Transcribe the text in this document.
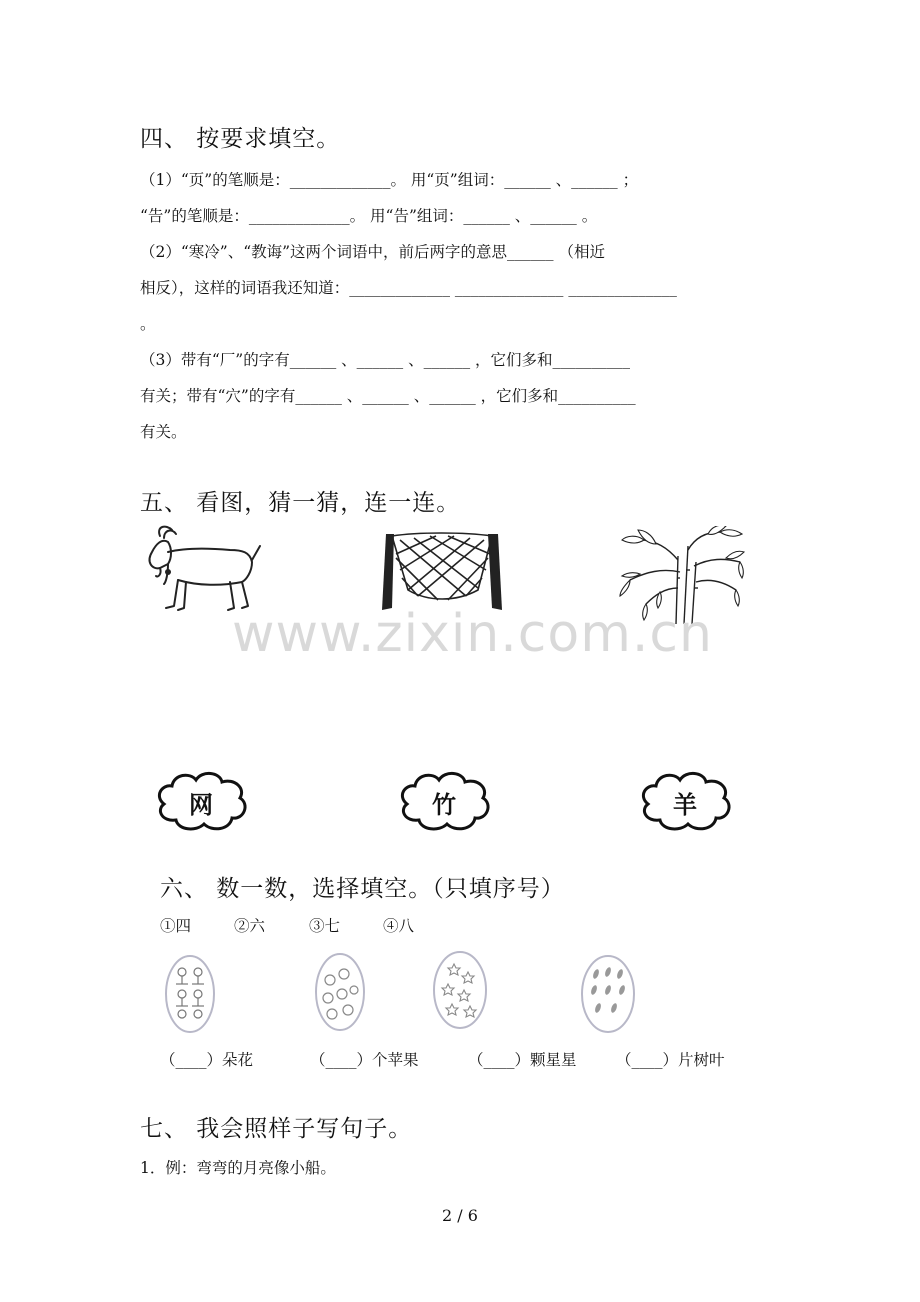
四、 按要求填空。
（1）“页”的笔顺是：_____________。 用“页”组词：______ 、______ ；
“告”的笔顺是：_____________。 用“告”组词：______ 、______ 。
（2）“寒冷”、“教诲”这两个词语中，前后两字的意思______ （相近
相反），这样的词语我还知道：_____________ ______________ ______________
。
（3）带有“厂”的字有______ 、______ 、______ ，它们多和__________
有关；带有“穴”的字有______ 、______ 、______ ，它们多和__________
有关。
五、 看图，猜一猜，连一连。
www.zixin.com.cn
网	竹	羊
六、 数一数，选择填空。（只填序号）
①四	②六	③七	④八
（____）朵花	（____）个苹果	（____）颗星星	（____）片树叶
七、 我会照样子写句子。
1．例：弯弯的月亮像小船。
2 / 6
